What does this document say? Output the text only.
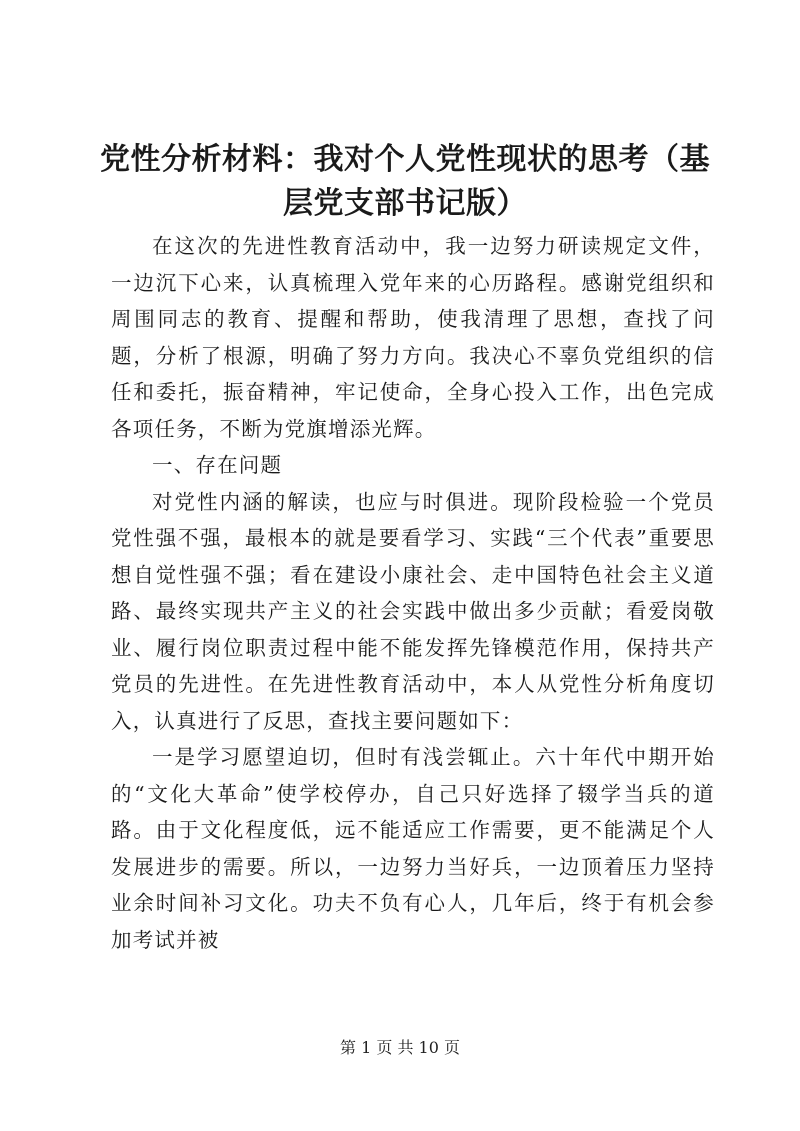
党性分析材料：我对个人党性现状的思考（基层党支部书记版）

在这次的先进性教育活动中，我一边努力研读规定文件，一边沉下心来，认真梳理入党年来的心历路程。感谢党组织和周围同志的教育、提醒和帮助，使我清理了思想，查找了问题，分析了根源，明确了努力方向。我决心不辜负党组织的信任和委托，振奋精神，牢记使命，全身心投入工作，出色完成各项任务，不断为党旗增添光辉。

一、存在问题

对党性内涵的解读，也应与时俱进。现阶段检验一个党员党性强不强，最根本的就是要看学习、实践“三个代表”重要思想自觉性强不强；看在建设小康社会、走中国特色社会主义道路、最终实现共产主义的社会实践中做出多少贡献；看爱岗敬业、履行岗位职责过程中能不能发挥先锋模范作用，保持共产党员的先进性。在先进性教育活动中，本人从党性分析角度切入，认真进行了反思，查找主要问题如下：

一是学习愿望迫切，但时有浅尝辄止。六十年代中期开始的“文化大革命”使学校停办，自己只好选择了辍学当兵的道路。由于文化程度低，远不能适应工作需要，更不能满足个人发展进步的需要。所以，一边努力当好兵，一边顶着压力坚持业余时间补习文化。功夫不负有心人，几年后，终于有机会参加考试并被

第 1 页 共 10 页
